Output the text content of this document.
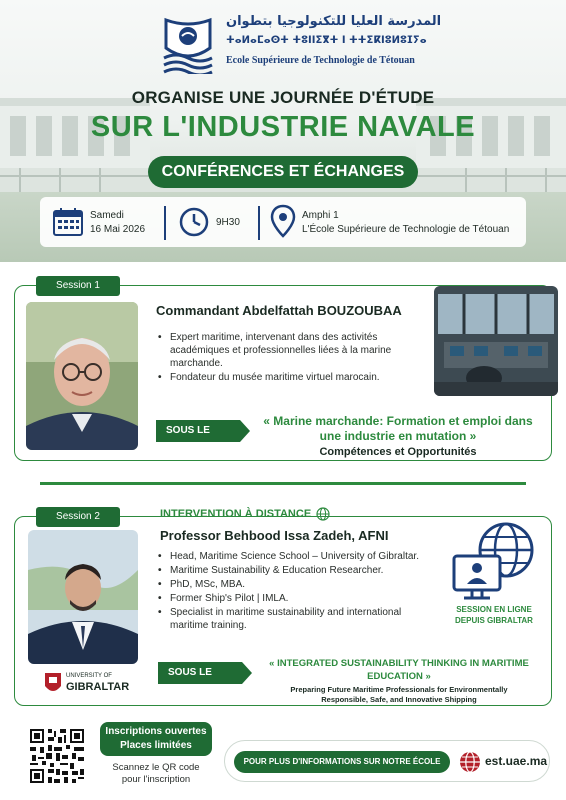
المدرسة العليا للتكنولوجيا بتطوان
ⵜⴰⵍⴰⵎⴰⵙⵜ ⵜⵓⵏⵏⵉⴳⵜ ⵏ ⵜⵜⵉⴽⵏⵓⵍⵓⵊⵢⴰ
Ecole Supérieure de Technologie de Tétouan
ORGANISE UNE JOURNÉE D'ÉTUDE
SUR L'INDUSTRIE NAVALE
CONFÉRENCES ET ÉCHANGES
Samedi
16 Mai 2026
9H30
Amphi 1
L'École Supérieure de Technologie de Tétouan
Session 1
Commandant Abdelfattah BOUZOUBAA
• Expert maritime, intervenant dans des activités académiques et professionnelles liées à la marine marchande.
• Fondateur du musée maritime virtuel marocain.
SOUS LE TITRE
« Marine marchande: Formation et emploi dans
une industrie en mutation »
Compétences et Opportunités
Session 2	INTERVENTION À DISTANCE
UNIVERSITY OF
GIBRALTAR
Professor Behbood Issa Zadeh, AFNI
• Head, Maritime Science School – University of Gibraltar.
• Maritime Sustainability & Education Researcher.
• PhD, MSc, MBA.
• Former Ship's Pilot | IMLA.
• Specialist in maritime sustainability and international maritime training.
SESSION EN LIGNE
DEPUIS GIBRALTAR
SOUS LE TITRE
« INTEGRATED SUSTAINABILITY THINKING IN MARITIME
EDUCATION »
Preparing Future Maritime Professionals for Environmentally
Responsible, Safe, and Innovative Shipping
Inscriptions ouvertes
Places limitées
Scannez le QR code
pour l'inscription
POUR PLUS D'INFORMATIONS SUR NOTRE ÉCOLE	est.uae.ma
